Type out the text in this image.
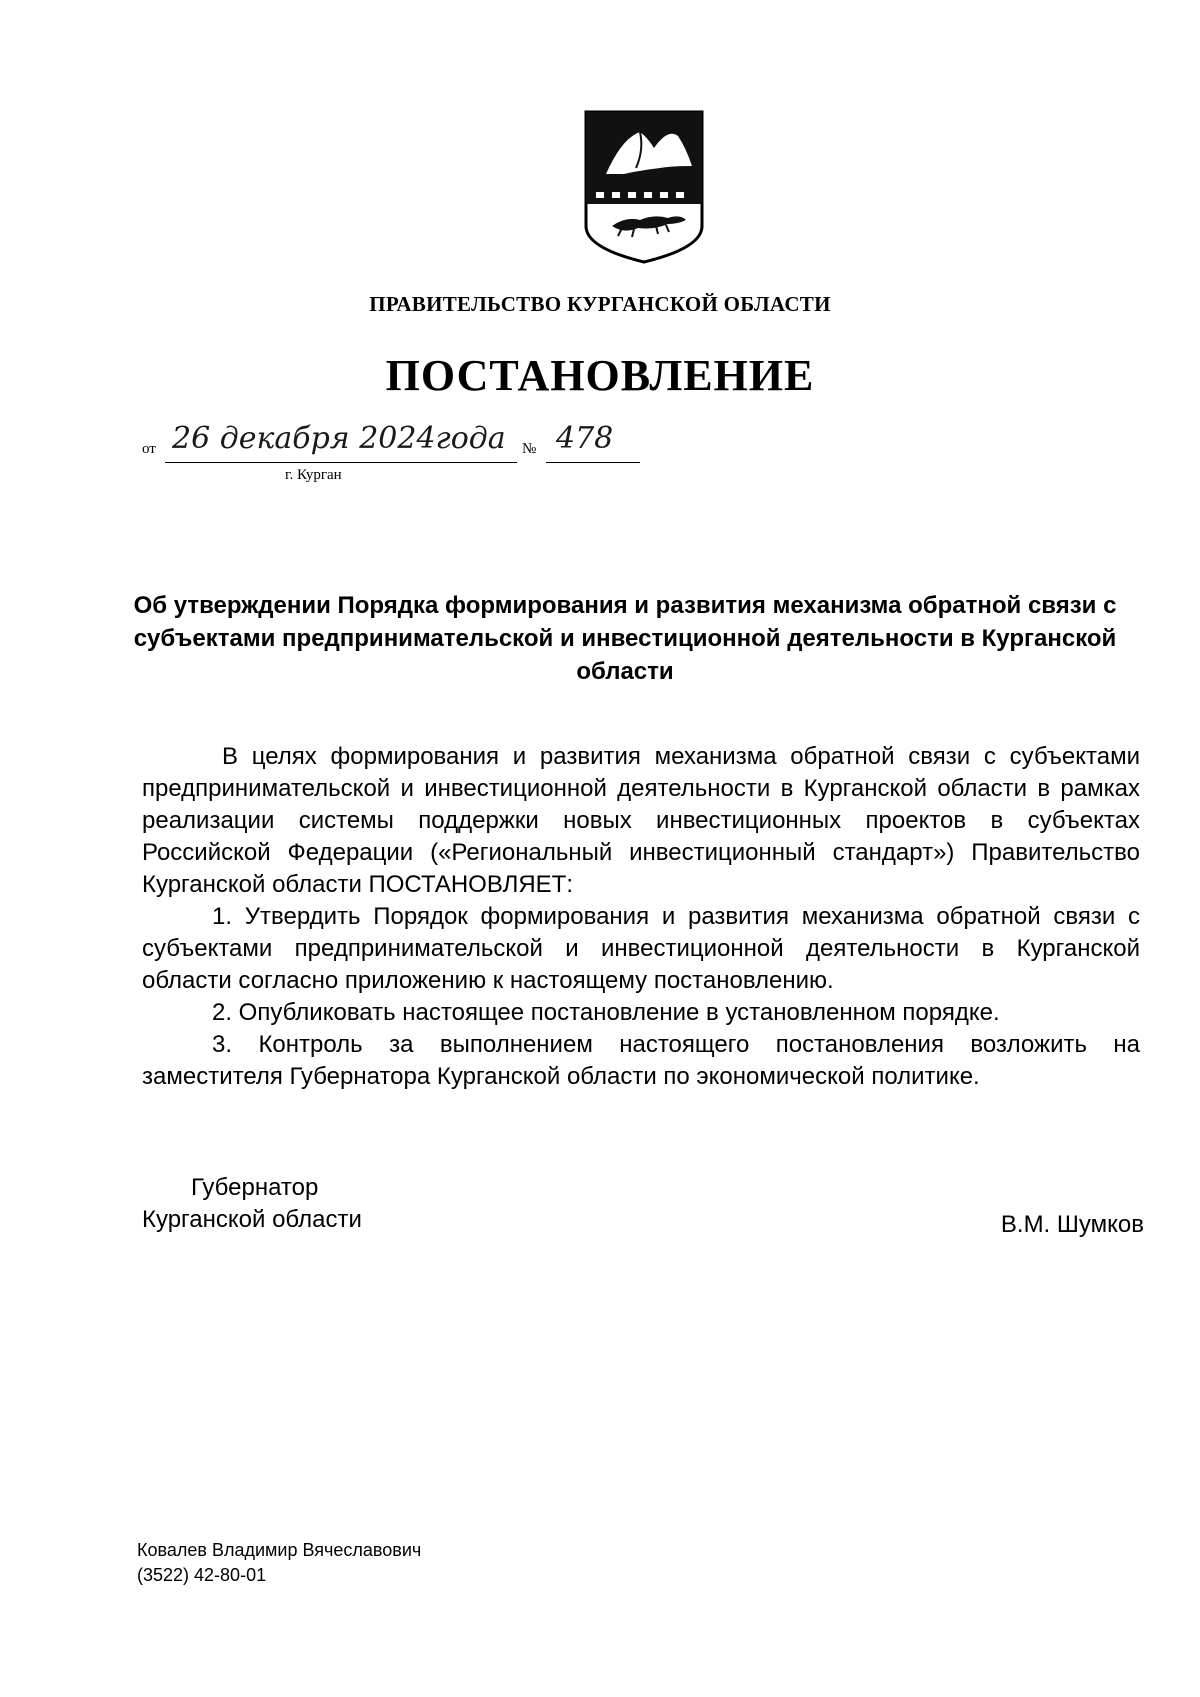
ПРАВИТЕЛЬСТВО КУРГАНСКОЙ ОБЛАСТИ
ПОСТАНОВЛЕНИЕ
от 26 декабря 2024года № 478
г. Курган
Об утверждении Порядка формирования и развития механизма обратной связи с субъектами предпринимательской и инвестиционной деятельности в Курганской области
В целях формирования и развития механизма обратной связи с субъектами предпринимательской и инвестиционной деятельности в Курганской области в рамках реализации системы поддержки новых инвестиционных проектов в субъектах Российской Федерации («Региональный инвестиционный стандарт») Правительство Курганской области ПОСТАНОВЛЯЕТ:
1. Утвердить Порядок формирования и развития механизма обратной связи с субъектами предпринимательской и инвестиционной деятельности в Курганской области согласно приложению к настоящему постановлению.
2. Опубликовать настоящее постановление в установленном порядке.
3. Контроль за выполнением настоящего постановления возложить на заместителя Губернатора Курганской области по экономической политике.
Губернатор
Курганской области	В.М. Шумков
Ковалев Владимир Вячеславович
(3522) 42-80-01
